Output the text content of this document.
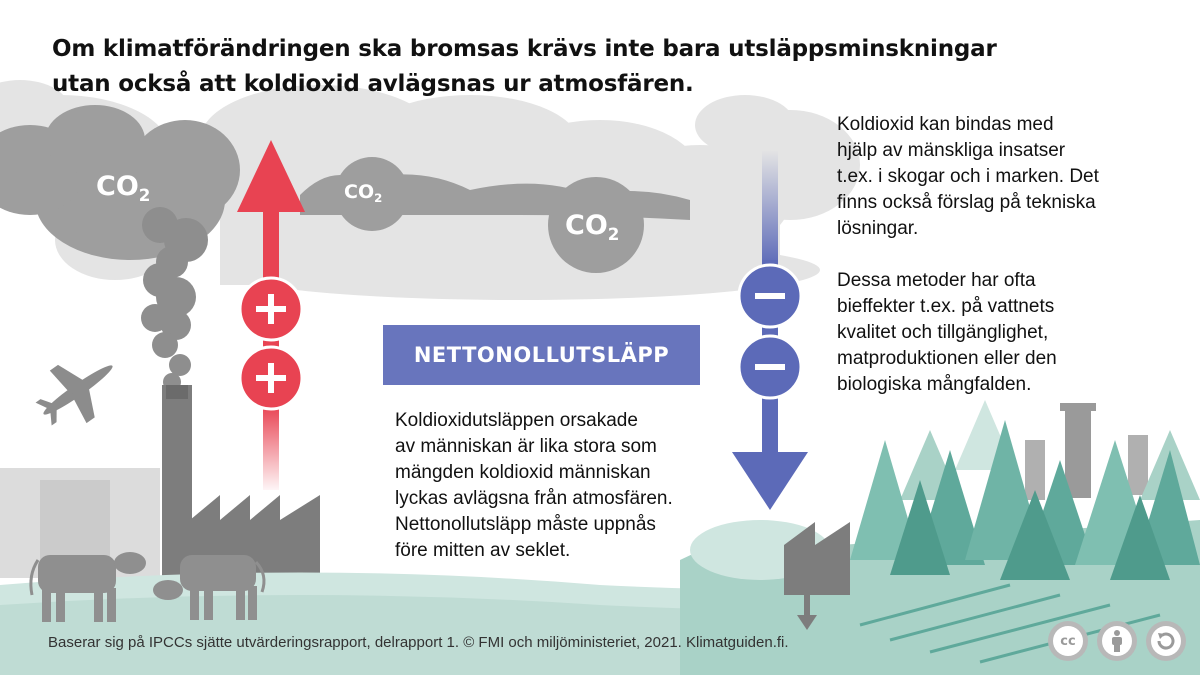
Om klimatförändringen ska bromsas krävs inte bara utsläppsminskningar
utan också att koldioxid avlägsnas ur atmosfären.
$CO_2$	$CO_2$
$CO_2$
NETTONOLLUTSLÄPP
Koldioxidutsläppen orsakade
av människan är lika stora som
mängden koldioxid människan
lyckas avlägsna från atmosfären.
Nettonollutsläpp måste uppnås
före mitten av seklet.
Koldioxid kan bindas med
hjälp av mänskliga insatser
t.ex. i skogar och i marken. Det
finns också förslag på tekniska
lösningar.
Dessa metoder har ofta
bieffekter t.ex. på vattnets
kvalitet och tillgänglighet,
matproduktionen eller den
biologiska mångfalden.
Baserar sig på IPCCs sjätte utvärderingsrapport, delrapport 1. © FMI och miljöministeriet, 2021. Klimatguiden.fi.	cc
